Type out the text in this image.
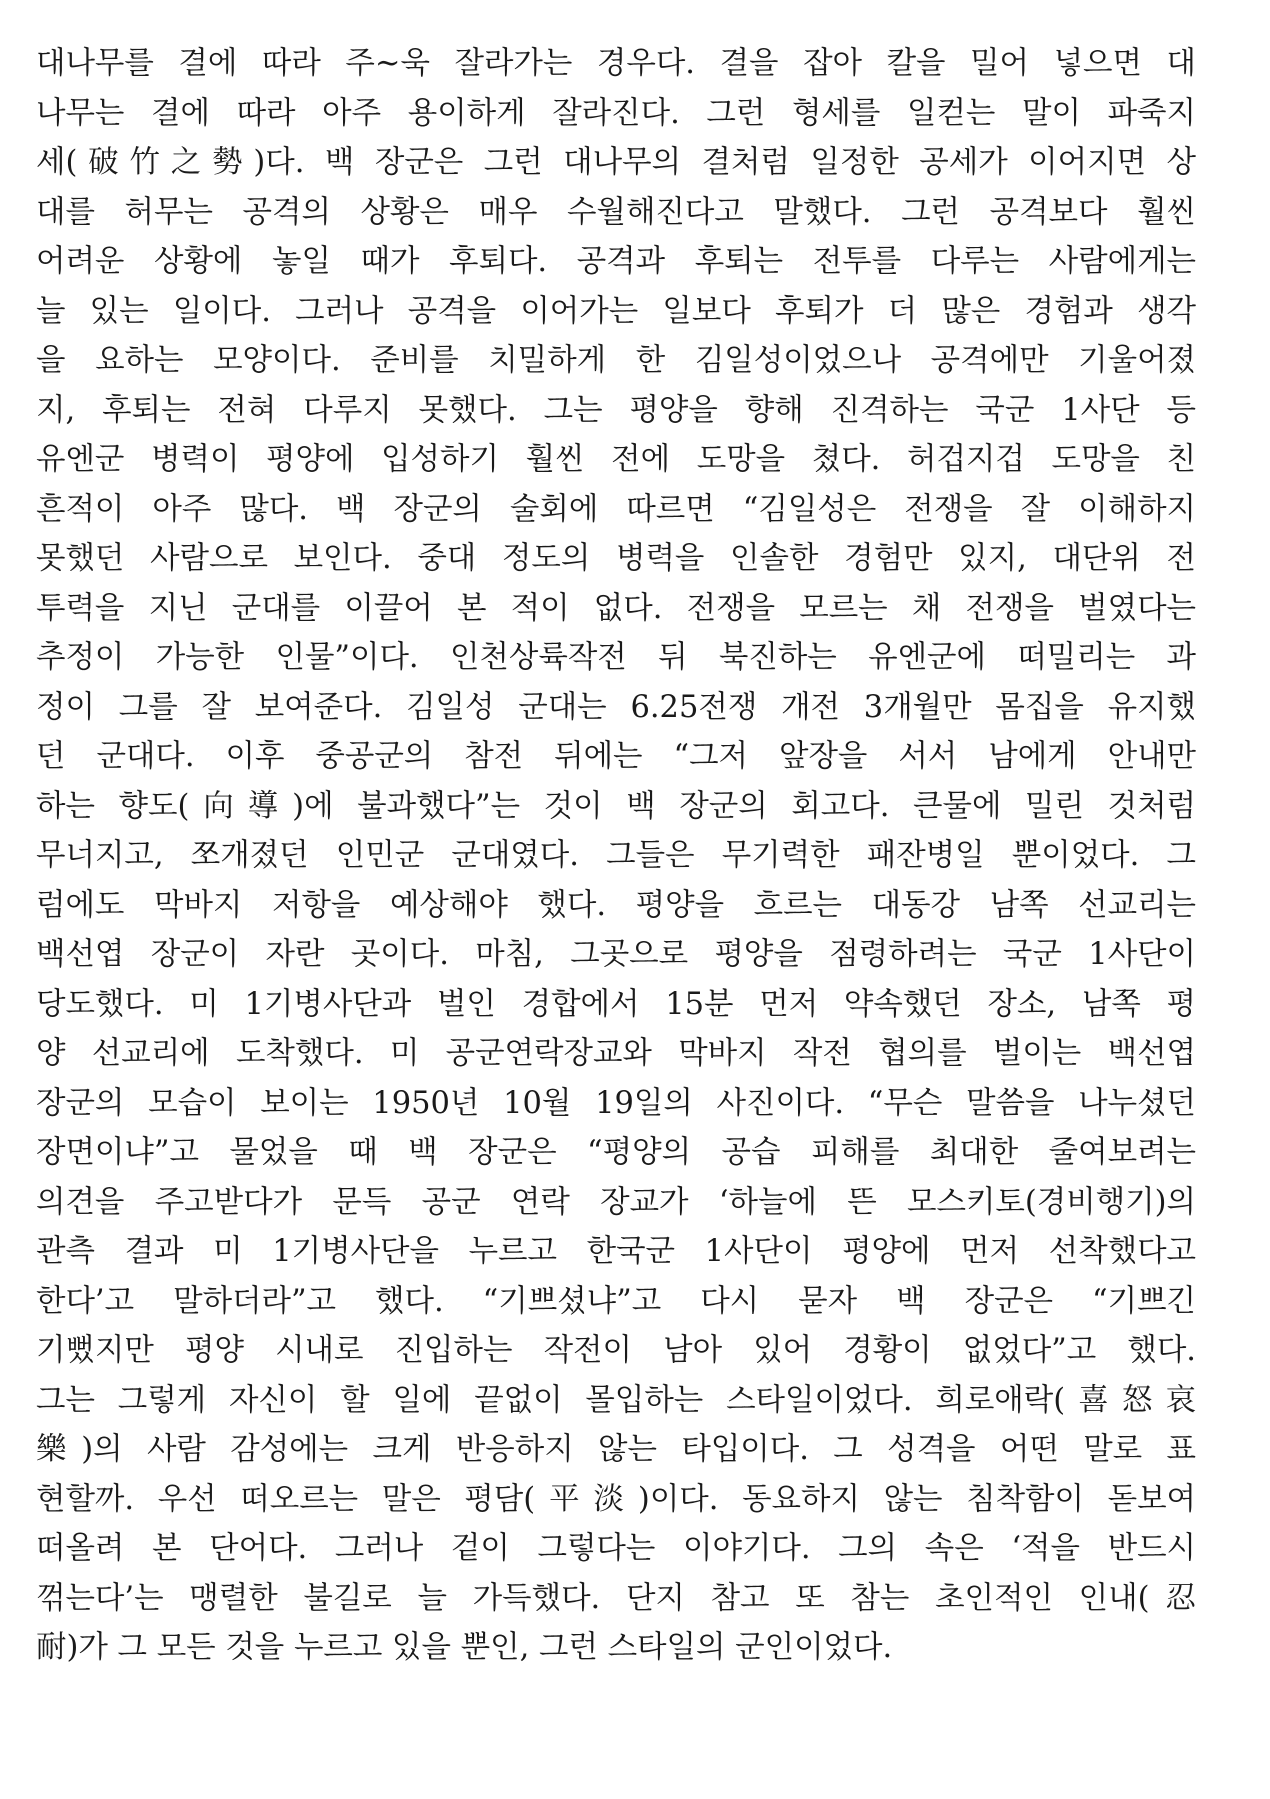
대나무를 결에 따라 주~욱 잘라가는 경우다. 결을 잡아 칼을 밀어 넣으면 대
나무는 결에 따라 아주 용이하게 잘라진다. 그런 형세를 일컫는 말이 파죽지
세(破竹之勢)다. 백 장군은 그런 대나무의 결처럼 일정한 공세가 이어지면 상
대를 허무는 공격의 상황은 매우 수월해진다고 말했다. 그런 공격보다 훨씬
어려운 상황에 놓일 때가 후퇴다. 공격과 후퇴는 전투를 다루는 사람에게는
늘 있는 일이다. 그러나 공격을 이어가는 일보다 후퇴가 더 많은 경험과 생각
을 요하는 모양이다. 준비를 치밀하게 한 김일성이었으나 공격에만 기울어졌
지, 후퇴는 전혀 다루지 못했다. 그는 평양을 향해 진격하는 국군 1사단 등
유엔군 병력이 평양에 입성하기 훨씬 전에 도망을 쳤다. 허겁지겁 도망을 친
흔적이 아주 많다. 백 장군의 술회에 따르면 “김일성은 전쟁을 잘 이해하지
못했던 사람으로 보인다. 중대 정도의 병력을 인솔한 경험만 있지, 대단위 전
투력을 지닌 군대를 이끌어 본 적이 없다. 전쟁을 모르는 채 전쟁을 벌였다는
추정이 가능한 인물”이다. 인천상륙작전 뒤 북진하는 유엔군에 떠밀리는 과
정이 그를 잘 보여준다. 김일성 군대는 6.25전쟁 개전 3개월만 몸집을 유지했
던 군대다. 이후 중공군의 참전 뒤에는 “그저 앞장을 서서 남에게 안내만
하는 향도(向導)에 불과했다”는 것이 백 장군의 회고다. 큰물에 밀린 것처럼
무너지고, 쪼개졌던 인민군 군대였다. 그들은 무기력한 패잔병일 뿐이었다. 그
럼에도 막바지 저항을 예상해야 했다. 평양을 흐르는 대동강 남쪽 선교리는
백선엽 장군이 자란 곳이다. 마침, 그곳으로 평양을 점령하려는 국군 1사단이
당도했다. 미 1기병사단과 벌인 경합에서 15분 먼저 약속했던 장소, 남쪽 평
양 선교리에 도착했다. 미 공군연락장교와 막바지 작전 협의를 벌이는 백선엽
장군의 모습이 보이는 1950년 10월 19일의 사진이다. “무슨 말씀을 나누셨던
장면이냐”고 물었을 때 백 장군은 “평양의 공습 피해를 최대한 줄여보려는
의견을 주고받다가 문득 공군 연락 장교가 ‘하늘에 뜬 모스키토(경비행기)의
관측 결과 미 1기병사단을 누르고 한국군 1사단이 평양에 먼저 선착했다고
한다’고 말하더라”고 했다. “기쁘셨냐”고 다시 묻자 백 장군은 “기쁘긴
기뻤지만 평양 시내로 진입하는 작전이 남아 있어 경황이 없었다”고 했다.
그는 그렇게 자신이 할 일에 끝없이 몰입하는 스타일이었다. 희로애락(喜怒哀
樂)의 사람 감성에는 크게 반응하지 않는 타입이다. 그 성격을 어떤 말로 표
현할까. 우선 떠오르는 말은 평담(平淡)이다. 동요하지 않는 침착함이 돋보여
떠올려 본 단어다. 그러나 겉이 그렇다는 이야기다. 그의 속은 ‘적을 반드시
꺾는다’는 맹렬한 불길로 늘 가득했다. 단지 참고 또 참는 초인적인 인내(忍
耐)가 그 모든 것을 누르고 있을 뿐인, 그런 스타일의 군인이었다.
